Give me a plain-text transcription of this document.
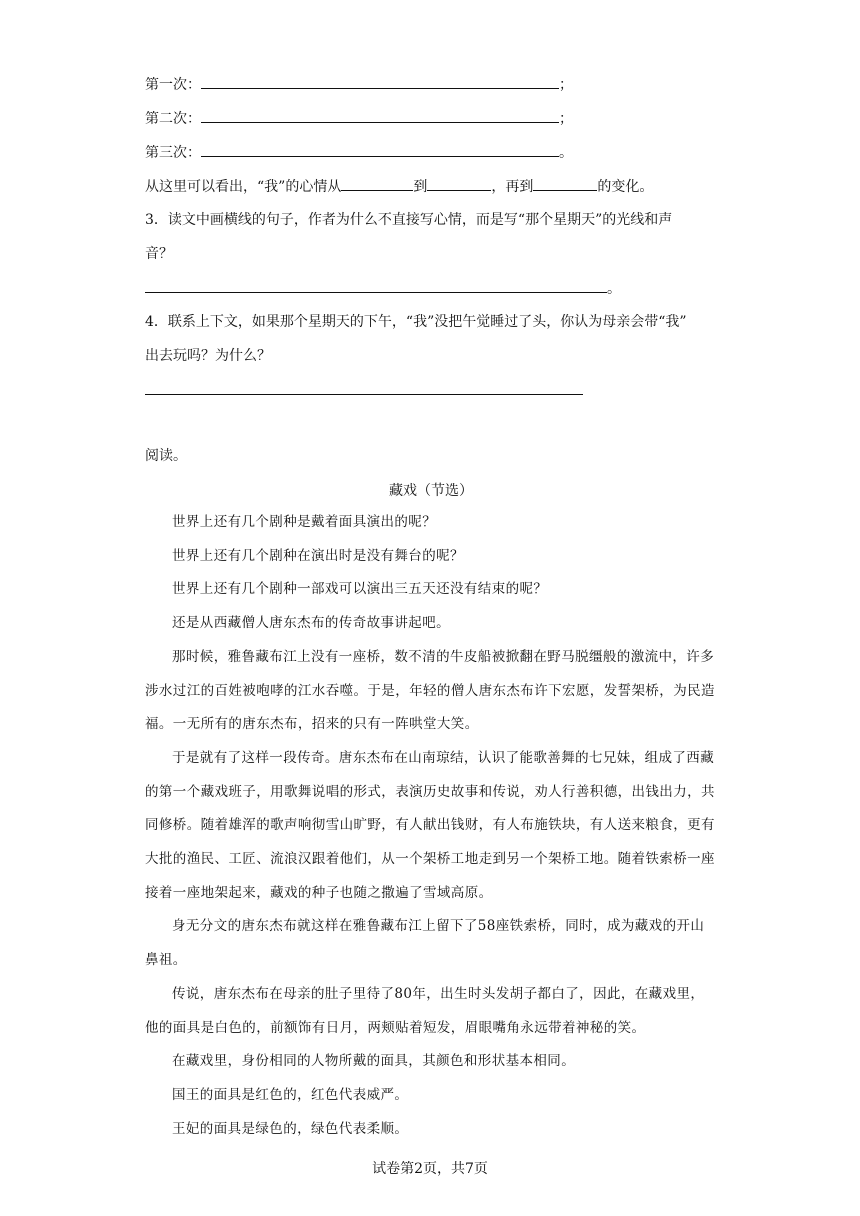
第一次：	；
第二次：	；
第三次：	。
从这里可以看出，“我”的心情从	到	，再到	的变化。
3．读文中画横线的句子，作者为什么不直接写心情，而是写“那个星期天”的光线和声
音？
。
4．联系上下文，如果那个星期天的下午，“我”没把午觉睡过了头，你认为母亲会带“我”
出去玩吗？为什么？
阅读。
藏戏（节选）

世界上还有几个剧种是戴着面具演出的呢？

世界上还有几个剧种在演出时是没有舞台的呢？

世界上还有几个剧种一部戏可以演出三五天还没有结束的呢？

还是从西藏僧人唐东杰布的传奇故事讲起吧。

那时候，雅鲁藏布江上没有一座桥，数不清的牛皮船被掀翻在野马脱缰般的激流中，许多涉水过江的百姓被咆哮的江水吞噬。于是，年轻的僧人唐东杰布许下宏愿，发誓架桥，为民造福。一无所有的唐东杰布，招来的只有一阵哄堂大笑。

于是就有了这样一段传奇。唐东杰布在山南琼结，认识了能歌善舞的七兄妹，组成了西藏的第一个藏戏班子，用歌舞说唱的形式，表演历史故事和传说，劝人行善积德，出钱出力，共同修桥。随着雄浑的歌声响彻雪山旷野，有人献出钱财，有人布施铁块，有人送来粮食，更有大批的渔民、工匠、流浪汉跟着他们，从一个架桥工地走到另一个架桥工地。随着铁索桥一座接着一座地架起来，藏戏的种子也随之撒遍了雪域高原。

身无分文的唐东杰布就这样在雅鲁藏布江上留下了58座铁索桥，同时，成为藏戏的开山鼻祖。

传说，唐东杰布在母亲的肚子里待了80年，出生时头发胡子都白了，因此，在藏戏里，他的面具是白色的，前额饰有日月，两颊贴着短发，眉眼嘴角永远带着神秘的笑。

在藏戏里，身份相同的人物所戴的面具，其颜色和形状基本相同。

国王的面具是红色的，红色代表威严。

王妃的面具是绿色的，绿色代表柔顺。

试卷第2页，共7页
